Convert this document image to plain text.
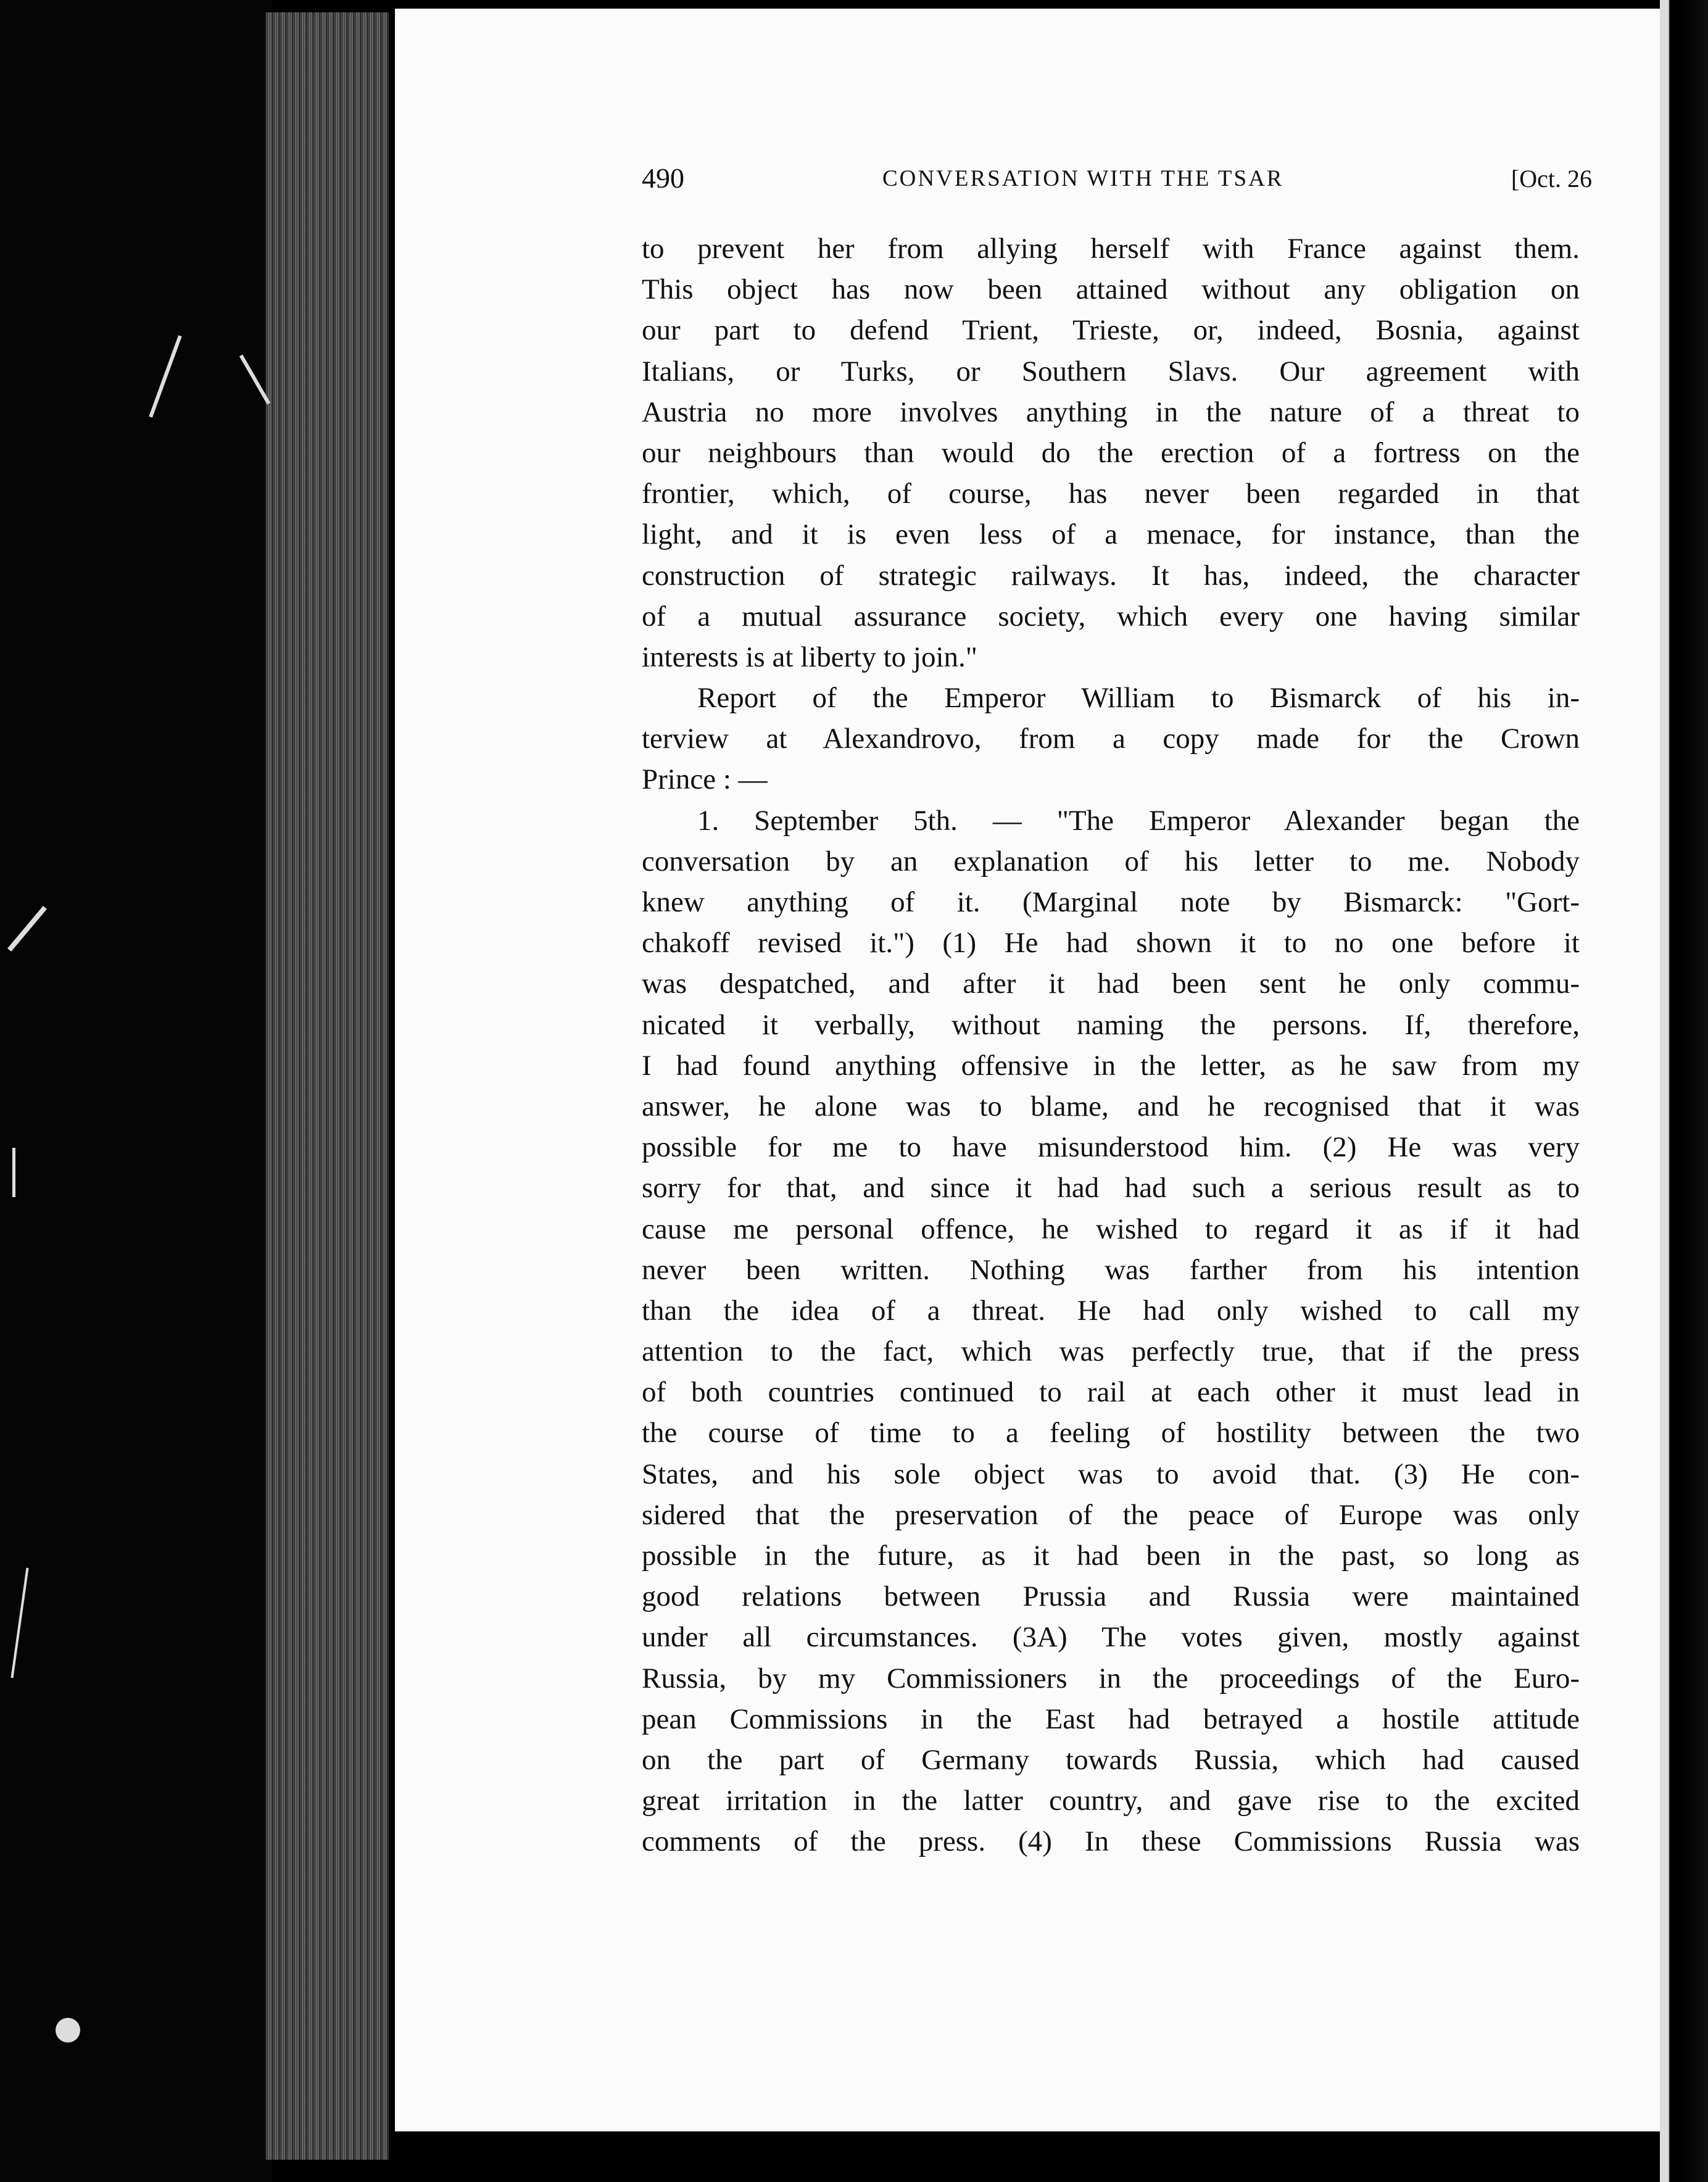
490	CONVERSATION WITH THE TSAR	[Oct. 26
to prevent her from allying herself with France against them.
This object has now been attained without any obligation on
our part to defend Trient, Trieste, or, indeed, Bosnia, against
Italians, or Turks, or Southern Slavs. Our agreement with
Austria no more involves anything in the nature of a threat to
our neighbours than would do the erection of a fortress on the
frontier, which, of course, has never been regarded in that
light, and it is even less of a menace, for instance, than the
construction of strategic railways. It has, indeed, the character
of a mutual assurance society, which every one having similar
interests is at liberty to join."
Report of the Emperor William to Bismarck of his in-
terview at Alexandrovo, from a copy made for the Crown
Prince : —
1. September 5th. — "The Emperor Alexander began the
conversation by an explanation of his letter to me. Nobody
knew anything of it. (Marginal note by Bismarck: "Gort-
chakoff revised it.") (1) He had shown it to no one before it
was despatched, and after it had been sent he only commu-
nicated it verbally, without naming the persons. If, therefore,
I had found anything offensive in the letter, as he saw from my
answer, he alone was to blame, and he recognised that it was
possible for me to have misunderstood him. (2) He was very
sorry for that, and since it had had such a serious result as to
cause me personal offence, he wished to regard it as if it had
never been written. Nothing was farther from his intention
than the idea of a threat. He had only wished to call my
attention to the fact, which was perfectly true, that if the press
of both countries continued to rail at each other it must lead in
the course of time to a feeling of hostility between the two
States, and his sole object was to avoid that. (3) He con-
sidered that the preservation of the peace of Europe was only
possible in the future, as it had been in the past, so long as
good relations between Prussia and Russia were maintained
under all circumstances. (3A) The votes given, mostly against
Russia, by my Commissioners in the proceedings of the Euro-
pean Commissions in the East had betrayed a hostile attitude
on the part of Germany towards Russia, which had caused
great irritation in the latter country, and gave rise to the excited
comments of the press. (4) In these Commissions Russia was
